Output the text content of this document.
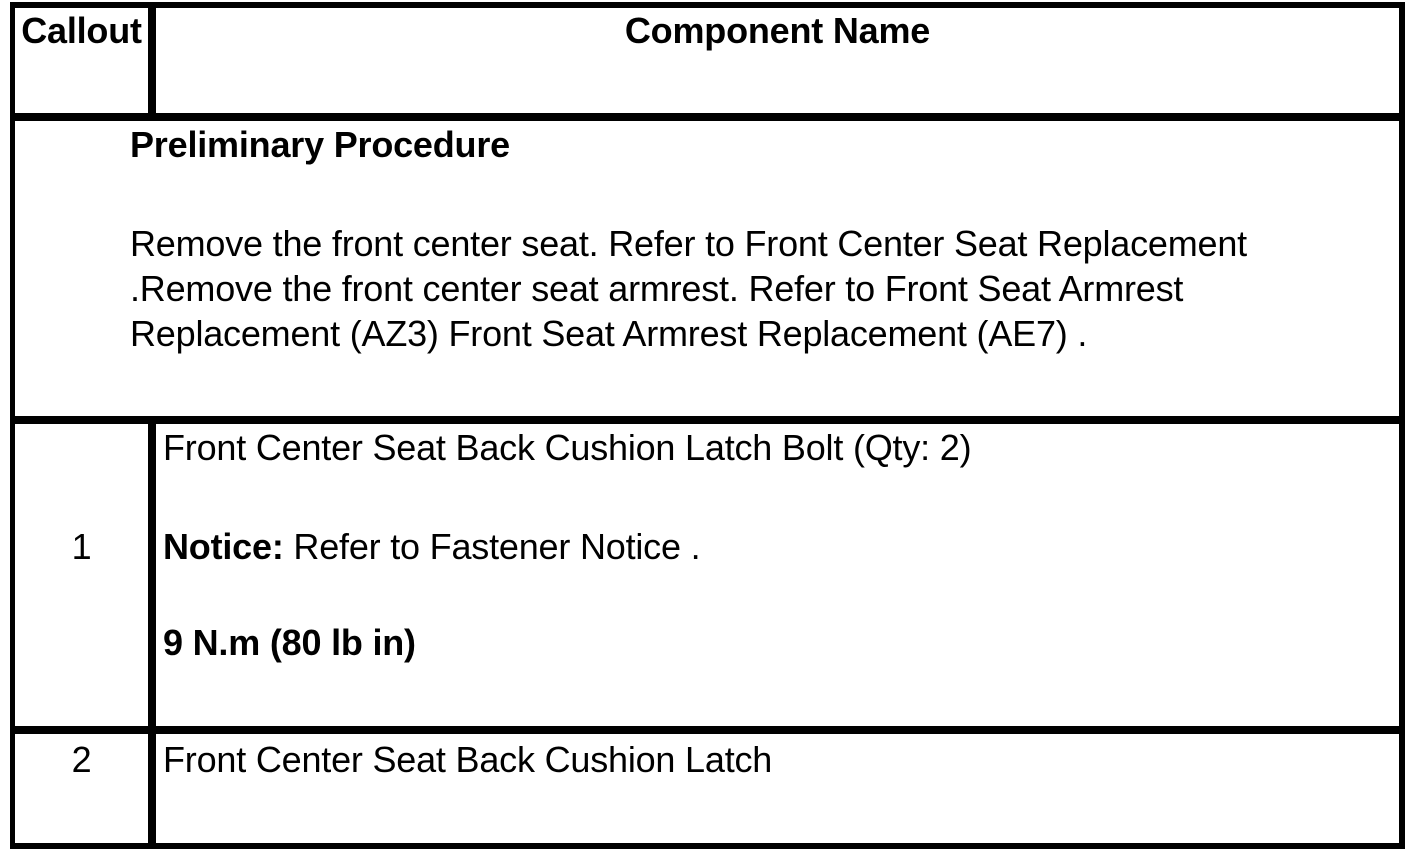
Callout	Component Name
Preliminary Procedure
Remove the front center seat. Refer to Front Center Seat Replacement
.Remove the front center seat armrest. Refer to Front Seat Armrest
Replacement (AZ3) Front Seat Armrest Replacement (AE7) .
1
Front Center Seat Back Cushion Latch Bolt (Qty: 2)
Notice: Refer to Fastener Notice .
9 N.m (80 lb in)
2	Front Center Seat Back Cushion Latch
